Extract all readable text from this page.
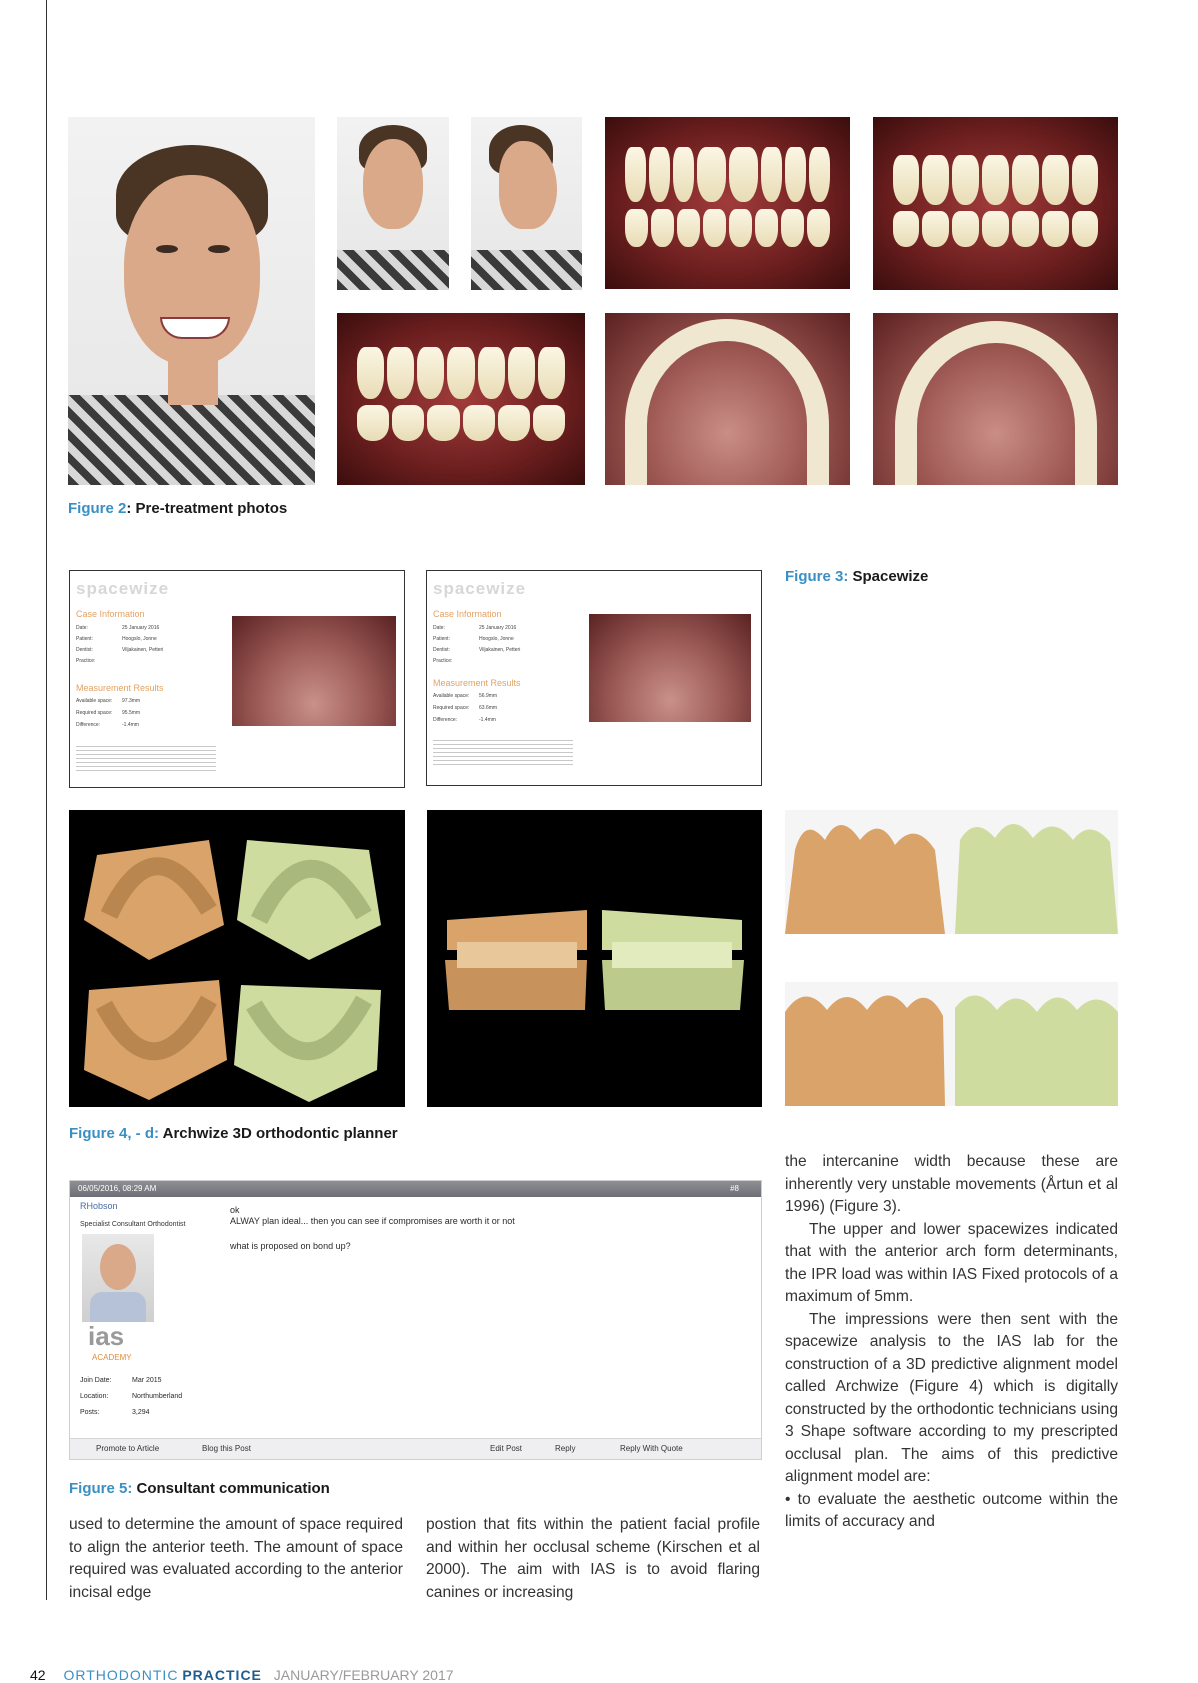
Figure 2: Pre-treatment photos
spacewize
Case Information
Date:	25 January 2016
Patient:	Hoogslo, Jonne
Dentist:	Viljakainen, Petteri
Practice:
Measurement Results
Available space: 97.3mm
Required space: 95.5mm
Difference:	-1.4mm
spacewize
Case Information
Date:	25 January 2016
Patient:	Hoogslo, Jonne
Dentist:	Viljakainen, Petteri
Practice:
Measurement Results
Available space: 56.9mm
Required space: 63.6mm
Difference:	-1.4mm
Figure 3: Spacewize
Figure 4, - d: Archwize 3D orthodontic planner
06/05/2016, 08:29 AM	#8
RHobson
Specialist Consultant Orthodontist
ias
ACADEMY
Join Date:	Mar 2015
Location:	Northumberland
Posts:	3,294
ok
ALWAY plan ideal... then you can see if compromises are worth it or not
what is proposed on bond up?
Promote to Article	Blog this Post	Edit Post	Reply	Reply With Quote
Figure 5: Consultant communication
used to determine the amount of space required to align the anterior teeth. The amount of space required was evaluated according to the anterior incisal edge
postion that fits within the patient facial profile and within her occlusal scheme (Kirschen et al 2000). The aim with IAS is to avoid flaring canines or increasing
the intercanine width because these are inherently very unstable movements (Årtun et al 1996) (Figure 3).
The upper and lower spacewizes indicated that with the anterior arch form determinants, the IPR load was within IAS Fixed protocols of a maximum of 5mm.
The impressions were then sent with the spacewize analysis to the IAS lab for the construction of a 3D predictive alignment model called Archwize (Figure 4) which is digitally constructed by the orthodontic technicians using 3 Shape software according to my prescripted occlusal plan. The aims of this predictive alignment model are:
• to evaluate the aesthetic outcome within the limits of accuracy and
42 ORTHODONTIC PRACTICE JANUARY/FEBRUARY 2017
